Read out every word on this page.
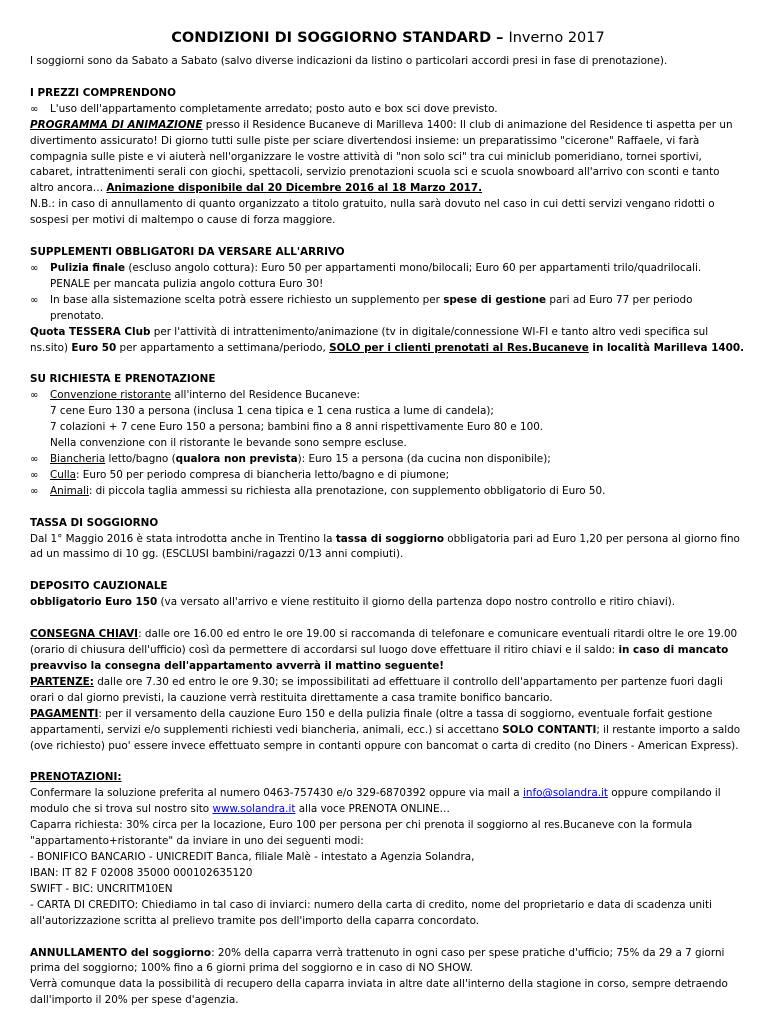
CONDIZIONI DI SOGGIORNO STANDARD – Inverno 2017

I soggiorni sono da Sabato a Sabato (salvo diverse indicazioni da listino o particolari accordi presi in fase di prenotazione).

I PREZZI COMPRENDONO

∞	L'uso dell'appartamento completamente arredato; posto auto e box sci dove previsto.

PROGRAMMA DI ANIMAZIONE presso il Residence Bucaneve di Marilleva 1400: Il club di animazione del Residence ti aspetta per un divertimento assicurato! Di giorno tutti sulle piste per sciare divertendosi insieme: un preparatissimo "cicerone" Raffaele, vi farà compagnia sulle piste e vi aiuterà nell'organizzare le vostre attività di "non solo sci" tra cui miniclub pomeridiano, tornei sportivi, cabaret, intrattenimenti serali con giochi, spettacoli, servizio prenotazioni scuola sci e scuola snowboard all'arrivo con sconti e tanto altro ancora… Animazione disponibile dal 20 Dicembre 2016 al 18 Marzo 2017.

N.B.: in caso di annullamento di quanto organizzato a titolo gratuito, nulla sarà dovuto nel caso in cui detti servizi vengano ridotti o sospesi per motivi di maltempo o cause di forza maggiore.

SUPPLEMENTI OBBLIGATORI DA VERSARE ALL'ARRIVO

∞	Pulizia finale (escluso angolo cottura): Euro 50 per appartamenti mono/bilocali; Euro 60 per appartamenti trilo/quadrilocali.
PENALE per mancata pulizia angolo cottura Euro 30!
∞	In base alla sistemazione scelta potrà essere richiesto un supplemento per spese di gestione pari ad Euro 77 per periodo prenotato.

Quota TESSERA Club per l'attività di intrattenimento/animazione (tv in digitale/connessione WI-FI e tanto altro vedi specifica sul ns.sito) Euro 50 per appartamento a settimana/periodo, SOLO per i clienti prenotati al Res.Bucaneve in località Marilleva 1400.

SU RICHIESTA E PRENOTAZIONE

∞	Convenzione ristorante all'interno del Residence Bucaneve:

7 cene Euro 130 a persona (inclusa 1 cena tipica e 1 cena rustica a lume di candela);

7 colazioni + 7 cene Euro 150 a persona; bambini fino a 8 anni rispettivamente Euro 80 e 100.

Nella convenzione con il ristorante le bevande sono sempre escluse.

∞	Biancheria letto/bagno (qualora non prevista): Euro 15 a persona (da cucina non disponibile);
∞	Culla: Euro 50 per periodo compresa di biancheria letto/bagno e di piumone;
∞	Animali: di piccola taglia ammessi su richiesta alla prenotazione, con supplemento obbligatorio di Euro 50.

TASSA DI SOGGIORNO

Dal 1° Maggio 2016 è stata introdotta anche in Trentino la tassa di soggiorno obbligatoria pari ad Euro 1,20 per persona al giorno fino ad un massimo di 10 gg. (ESCLUSI bambini/ragazzi 0/13 anni compiuti).

DEPOSITO CAUZIONALE

obbligatorio Euro 150 (va versato all'arrivo e viene restituito il giorno della partenza dopo nostro controllo e ritiro chiavi).

CONSEGNA CHIAVI: dalle ore 16.00 ed entro le ore 19.00 si raccomanda di telefonare e comunicare eventuali ritardi oltre le ore 19.00 (orario di chiusura dell'ufficio) così da permettere di accordarsi sul luogo dove effettuare il ritiro chiavi e il saldo: in caso di mancato preavviso la consegna dell'appartamento avverrà il mattino seguente!

PARTENZE: dalle ore 7.30 ed entro le ore 9.30; se impossibilitati ad effettuare il controllo dell'appartamento per partenze fuori dagli orari o dal giorno previsti, la cauzione verrà restituita direttamente a casa tramite bonifico bancario.

PAGAMENTI: per il versamento della cauzione Euro 150 e della pulizia finale (oltre a tassa di soggiorno, eventuale forfait gestione appartamenti, servizi e/o supplementi richiesti vedi biancheria, animali, ecc.) si accettano SOLO CONTANTI; il restante importo a saldo (ove richiesto) puo' essere invece effettuato sempre in contanti oppure con bancomat o carta di credito (no Diners - American Express).

PRENOTAZIONI:

Confermare la soluzione preferita al numero 0463-757430 e/o 329-6870392 oppure via mail a info@solandra.it oppure compilando il modulo che si trova sul nostro sito www.solandra.it alla voce PRENOTA ONLINE…

Caparra richiesta: 30% circa per la locazione, Euro 100 per persona per chi prenota il soggiorno al res.Bucaneve con la formula "appartamento+ristorante" da inviare in uno dei seguenti modi:

- BONIFICO BANCARIO - UNICREDIT Banca, filiale Malè - intestato a Agenzia Solandra,

IBAN: IT 82 F 02008 35000 000102635120

SWIFT - BIC: UNCRITM10EN

- CARTA DI CREDITO: Chiediamo in tal caso di inviarci: numero della carta di credito, nome del proprietario e data di scadenza uniti all'autorizzazione scritta al prelievo tramite pos dell'importo della caparra concordato.

ANNULLAMENTO del soggiorno: 20% della caparra verrà trattenuto in ogni caso per spese pratiche d'ufficio; 75% da 29 a 7 giorni prima del soggiorno; 100% fino a 6 giorni prima del soggiorno e in caso di NO SHOW.

Verrà comunque data la possibilità di recupero della caparra inviata in altre date all'interno della stagione in corso, sempre detraendo dall'importo il 20% per spese d'agenzia.
